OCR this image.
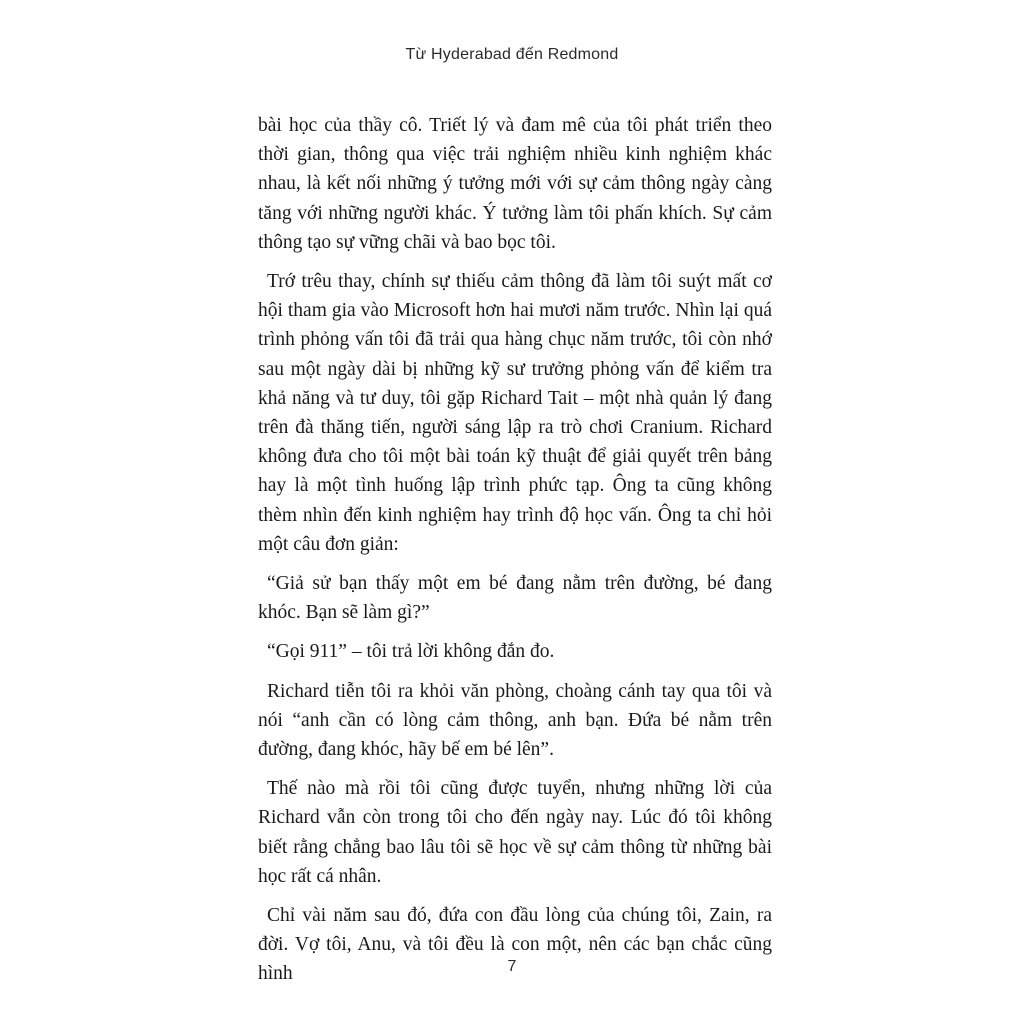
Từ Hyderabad đến Redmond

bài học của thầy cô. Triết lý và đam mê của tôi phát triển theo thời gian, thông qua việc trải nghiệm nhiều kinh nghiệm khác nhau, là kết nối những ý tưởng mới với sự cảm thông ngày càng tăng với những người khác. Ý tưởng làm tôi phấn khích. Sự cảm thông tạo sự vững chãi và bao bọc tôi.

Trớ trêu thay, chính sự thiếu cảm thông đã làm tôi suýt mất cơ hội tham gia vào Microsoft hơn hai mươi năm trước. Nhìn lại quá trình phỏng vấn tôi đã trải qua hàng chục năm trước, tôi còn nhớ sau một ngày dài bị những kỹ sư trưởng phỏng vấn để kiểm tra khả năng và tư duy, tôi gặp Richard Tait – một nhà quản lý đang trên đà thăng tiến, người sáng lập ra trò chơi Cranium. Richard không đưa cho tôi một bài toán kỹ thuật để giải quyết trên bảng hay là một tình huống lập trình phức tạp. Ông ta cũng không thèm nhìn đến kinh nghiệm hay trình độ học vấn. Ông ta chỉ hỏi một câu đơn giản:

“Giả sử bạn thấy một em bé đang nằm trên đường, bé đang khóc. Bạn sẽ làm gì?”

“Gọi 911” – tôi trả lời không đắn đo.

Richard tiễn tôi ra khỏi văn phòng, choàng cánh tay qua tôi và nói “anh cần có lòng cảm thông, anh bạn. Đứa bé nằm trên đường, đang khóc, hãy bế em bé lên”.

Thế nào mà rồi tôi cũng được tuyển, nhưng những lời của Richard vẫn còn trong tôi cho đến ngày nay. Lúc đó tôi không biết rằng chẳng bao lâu tôi sẽ học về sự cảm thông từ những bài học rất cá nhân.

Chỉ vài năm sau đó, đứa con đầu lòng của chúng tôi, Zain, ra đời. Vợ tôi, Anu, và tôi đều là con một, nên các bạn chắc cũng hình	7
